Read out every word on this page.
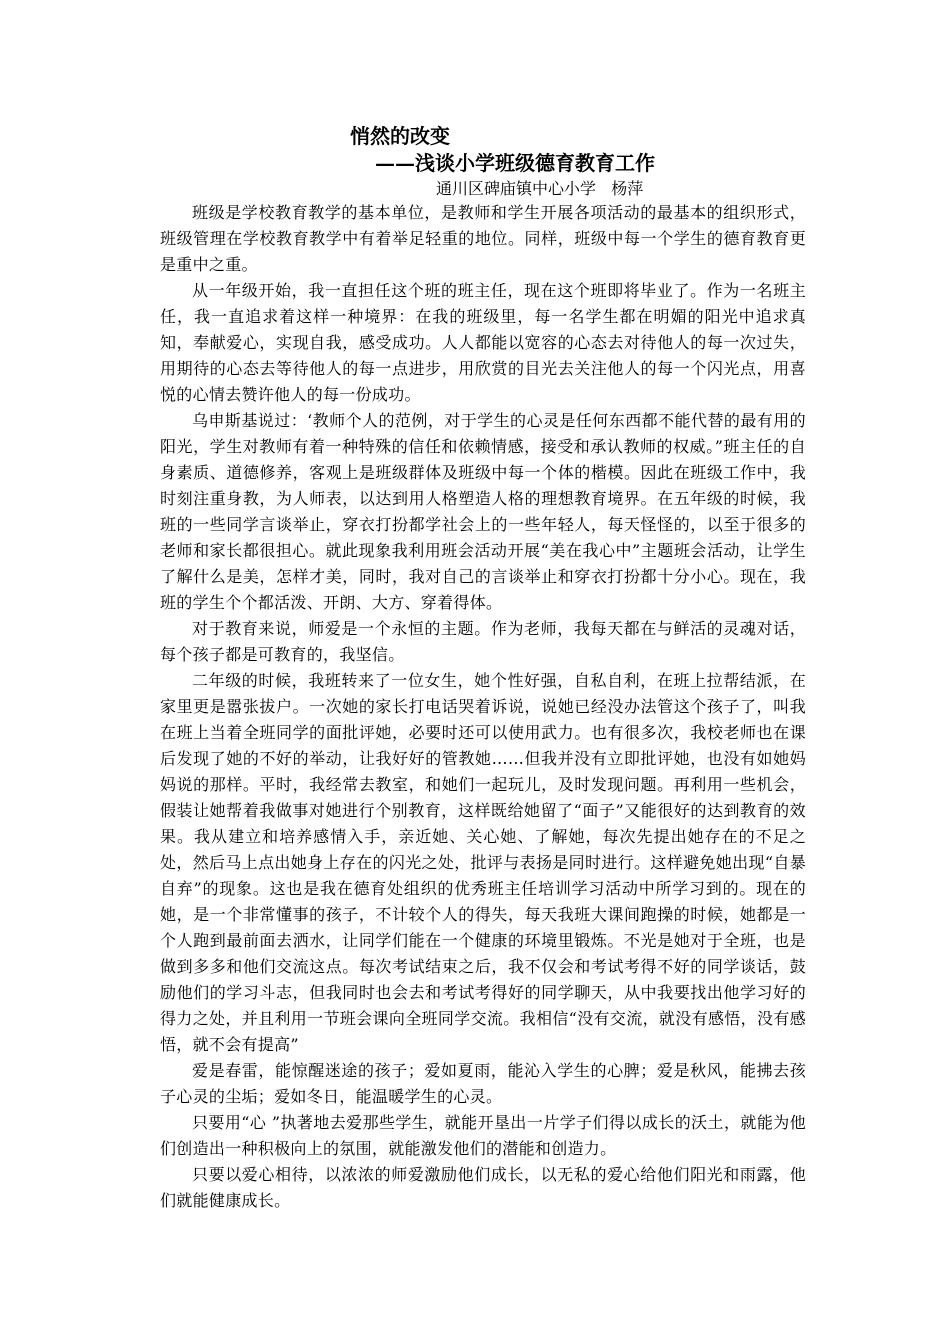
悄然的改变
——浅谈小学班级德育教育工作
通川区碑庙镇中心小学   杨萍

班级是学校教育教学的基本单位，是教师和学生开展各项活动的最基本的组织形式，班级管理在学校教育教学中有着举足轻重的地位。同样，班级中每一个学生的德育教育更是重中之重。

从一年级开始，我一直担任这个班的班主任，现在这个班即将毕业了。作为一名班主任，我一直追求着这样一种境界：在我的班级里，每一名学生都在明媚的阳光中追求真知，奉献爱心，实现自我，感受成功。人人都能以宽容的心态去对待他人的每一次过失，用期待的心态去等待他人的每一点进步，用欣赏的目光去关注他人的每一个闪光点，用喜悦的心情去赞许他人的每一份成功。

乌申斯基说过：‘教师个人的范例，对于学生的心灵是任何东西都不能代替的最有用的阳光，学生对教师有着一种特殊的信任和依赖情感，接受和承认教师的权威。”班主任的自身素质、道德修养，客观上是班级群体及班级中每一个体的楷模。因此在班级工作中，我时刻注重身教，为人师表，以达到用人格塑造人格的理想教育境界。在五年级的时候，我班的一些同学言谈举止，穿衣打扮都学社会上的一些年轻人，每天怪怪的，以至于很多的老师和家长都很担心。就此现象我利用班会活动开展“美在我心中”主题班会活动，让学生了解什么是美，怎样才美，同时，我对自己的言谈举止和穿衣打扮都十分小心。现在，我班的学生个个都活泼、开朗、大方、穿着得体。

对于教育来说，师爱是一个永恒的主题。作为老师，我每天都在与鲜活的灵魂对话，每个孩子都是可教育的，我坚信。

二年级的时候，我班转来了一位女生，她个性好强，自私自利，在班上拉帮结派，在家里更是嚣张拔户。一次她的家长打电话哭着诉说，说她已经没办法管这个孩子了，叫我在班上当着全班同学的面批评她，必要时还可以使用武力。也有很多次，我校老师也在课后发现了她的不好的举动，让我好好的管教她……但我并没有立即批评她，也没有如她妈妈说的那样。平时，我经常去教室，和她们一起玩儿，及时发现问题。再利用一些机会，假装让她帮着我做事对她进行个别教育，这样既给她留了“面子”又能很好的达到教育的效果。我从建立和培养感情入手，亲近她、关心她、了解她，每次先提出她存在的不足之处，然后马上点出她身上存在的闪光之处，批评与表扬是同时进行。这样避免她出现“自暴自弃”的现象。这也是我在德育处组织的优秀班主任培训学习活动中所学习到的。现在的她，是一个非常懂事的孩子，不计较个人的得失，每天我班大课间跑操的时候，她都是一个人跑到最前面去洒水，让同学们能在一个健康的环境里锻炼。不光是她对于全班，也是做到多多和他们交流这点。每次考试结束之后，我不仅会和考试考得不好的同学谈话，鼓励他们的学习斗志，但我同时也会去和考试考得好的同学聊天，从中我要找出他学习好的得力之处，并且利用一节班会课向全班同学交流。我相信“没有交流，就没有感悟，没有感悟，就不会有提高”

爱是春雷，能惊醒迷途的孩子；爱如夏雨，能沁入学生的心脾；爱是秋风，能拂去孩子心灵的尘垢；爱如冬日，能温暖学生的心灵。

只要用“心 ”执著地去爱那些学生，就能开垦出一片学子们得以成长的沃土，就能为他们创造出一种积极向上的氛围，就能激发他们的潜能和创造力。

只要以爱心相待，以浓浓的师爱激励他们成长，以无私的爱心给他们阳光和雨露，他们就能健康成长。
